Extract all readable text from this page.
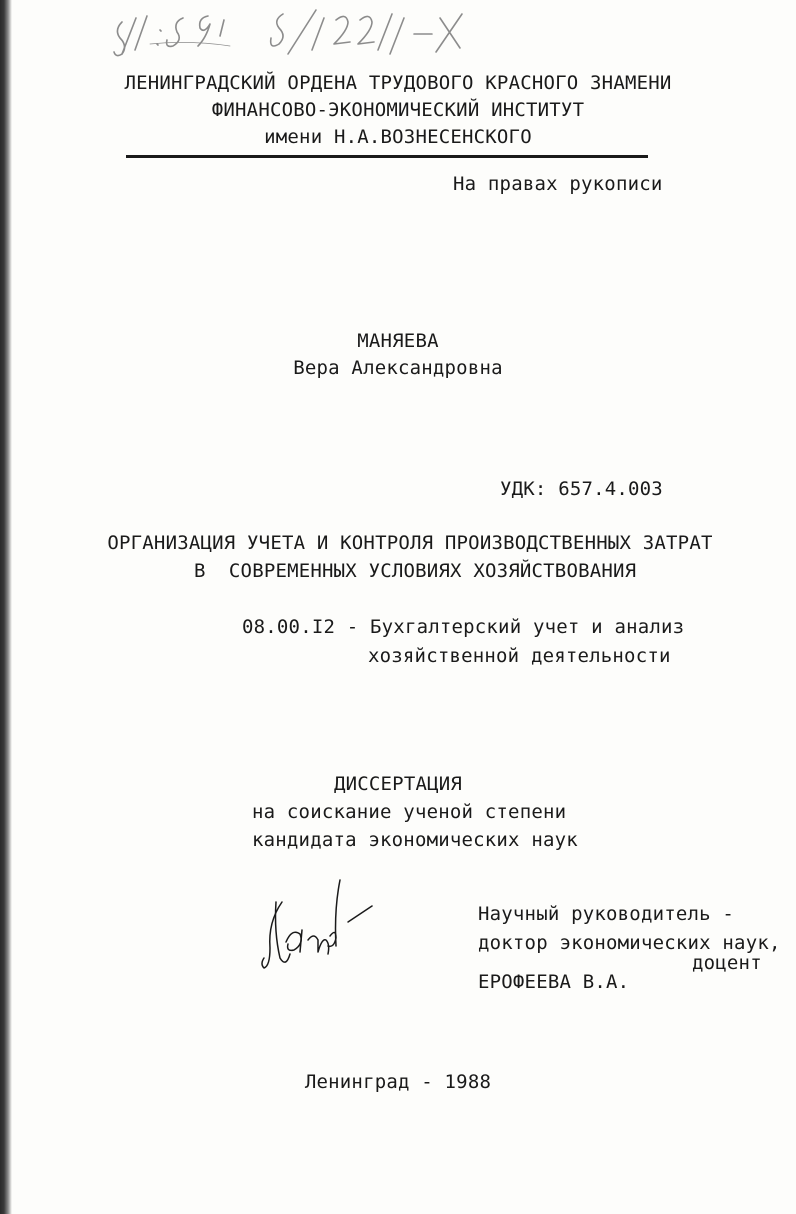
ЛЕНИНГРАДСКИЙ ОРДЕНА ТРУДОВОГО КРАСНОГО ЗНАМЕНИ
ФИНАНСОВО-ЭКОНОМИЧЕСКИЙ ИНСТИТУТ
имени Н.А.ВОЗНЕСЕНСКОГО
На правах рукописи
МАНЯЕВА
Вера Александровна
УДК: 657.4.003
ОРГАНИЗАЦИЯ УЧЕТА И КОНТРОЛЯ ПРОИЗВОДСТВЕННЫХ ЗАТРАТ
В  СОВРЕМЕННЫХ УСЛОВИЯХ ХОЗЯЙСТВОВАНИЯ
08.00.I2 - Бухгалтерский учет и анализ
хозяйственной деятельности
ДИССЕРТАЦИЯ
на соискание ученой степени
кандидата экономических наук
Научный руководитель -
доктор экономических наук,
доцент
ЕРОФЕЕВА В.А.
Ленинград - 1988
